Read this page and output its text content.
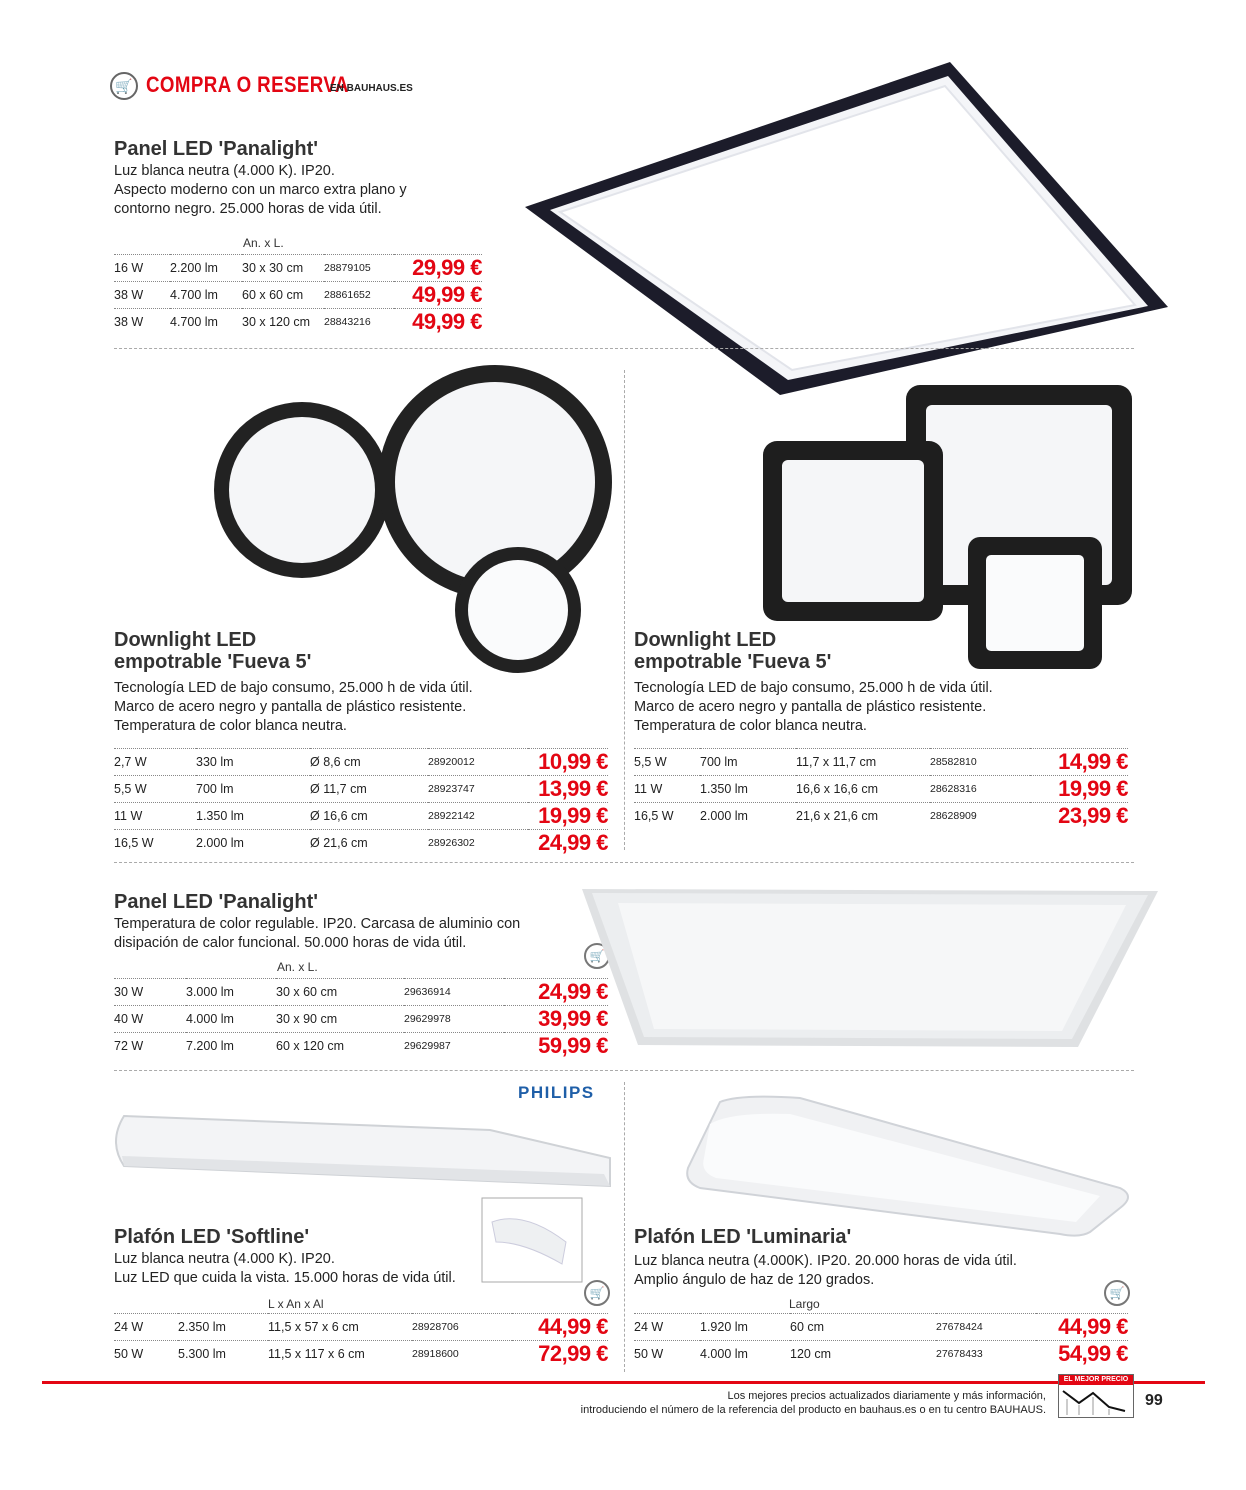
🛒 COMPRA O RESERVA
EN BAUHAUS.ES
Panel LED 'Panalight'
Luz blanca neutra (4.000 K). IP20.
Aspecto moderno con un marco extra plano y
contorno negro. 25.000 horas de vida útil.
An. x L.
16 W	2.200 lm	30 x 30 cm	28879105	29,99 €
38 W	4.700 lm	60 x 60 cm	28861652	49,99 €
38 W	4.700 lm	30 x 120 cm	28843216	49,99 €
Downlight LED
empotrable 'Fueva 5'
Tecnología LED de bajo consumo, 25.000 h de vida útil.
Marco de acero negro y pantalla de plástico resistente.
Temperatura de color blanca neutra.
2,7 W	330 lm	Ø 8,6 cm	28920012	10,99 €
5,5 W	700 lm	Ø 11,7 cm	28923747	13,99 €
11 W	1.350 lm	Ø 16,6 cm	28922142	19,99 €
16,5 W	2.000 lm	Ø 21,6 cm	28926302	24,99 €
Downlight LED
empotrable 'Fueva 5'
Tecnología LED de bajo consumo, 25.000 h de vida útil.
Marco de acero negro y pantalla de plástico resistente.
Temperatura de color blanca neutra.
5,5 W	700 lm	11,7 x 11,7 cm	28582810	14,99 €
11 W	1.350 lm	16,6 x 16,6 cm	28628316	19,99 €
16,5 W	2.000 lm	21,6 x 21,6 cm	28628909	23,99 €
Panel LED 'Panalight'
Temperatura de color regulable. IP20. Carcasa de aluminio con
disipación de calor funcional. 50.000 horas de vida útil.
An. x L.
🛒
30 W	3.000 lm	30 x 60 cm	29636914	24,99 €
40 W	4.000 lm	30 x 90 cm	29629978	39,99 €
72 W	7.200 lm	60 x 120 cm	29629987	59,99 €
PHILIPS
Plafón LED 'Softline'
Luz blanca neutra (4.000 K). IP20.
Luz LED que cuida la vista. 15.000 horas de vida útil.
L x An x Al
🛒
24 W	2.350 lm	11,5 x 57 x 6 cm	28928706	44,99 €
50 W	5.300 lm	11,5 x 117 x 6 cm	28918600	72,99 €
Plafón LED 'Luminaria'
Luz blanca neutra (4.000K). IP20. 20.000 horas de vida útil.
Amplio ángulo de haz de 120 grados.
Largo
🛒
24 W	1.920 lm	60 cm	27678424	44,99 €
50 W	4.000 lm	120 cm	27678433	54,99 €
Los mejores precios actualizados diariamente y más información,
introduciendo el número de la referencia del producto en bauhaus.es o en tu centro BAUHAUS.
EL MEJOR PRECIO
99
